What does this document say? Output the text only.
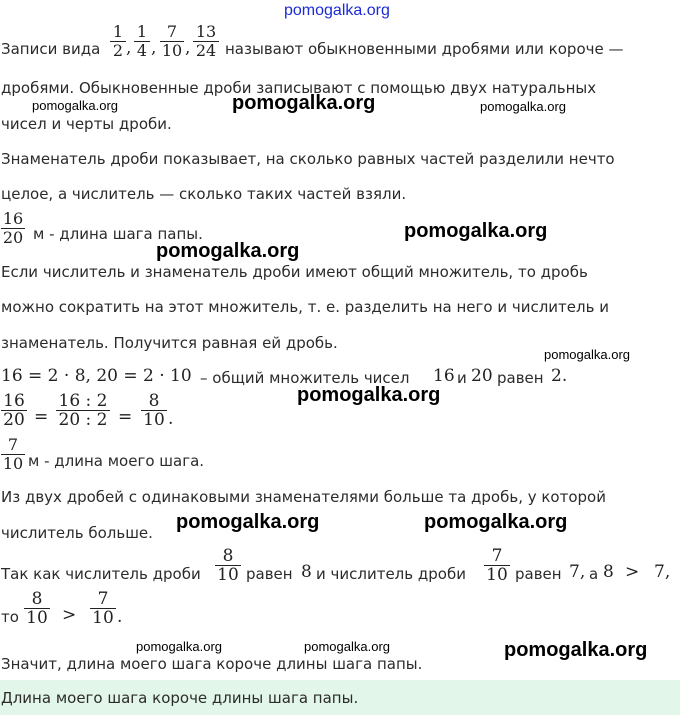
pomogalka.org
Записи вида
1
2 ,
1
4 ,
7
10 ,
13
24 называют обыкновенными дробями или короче —
дробями. Обыкновенные дроби записывают с помощью двух натуральных
чисел и черты дроби.
Знаменатель дроби показывает, на сколько равных частей разделили нечто
целое, а числитель — сколько таких частей взяли.
16
20 м - длина шага папы.
Если числитель и знаменатель дроби имеют общий множитель, то дробь
можно сократить на этот множитель, т. е. разделить на него и числитель и
знаменатель. Получится равная ей дробь.
16 = 2 · 8, 20 = 2 · 10 – общий множитель чисел 16 и 20 равен 2.
16
20 =
16 : 2
20 : 2 =
8
10 .
7
10 м - длина моего шага.
Из двух дробей с одинаковыми знаменателями больше та дробь, у которой
числитель больше.
Так как числитель дроби
8
10 равен 8 и числитель дроби
7
10 равен 7, а 8 > 7,
то
8
10 >
7
10 .
Значит, длина моего шага короче длины шага папы.
Длина моего шага короче длины шага папы.
pomogalka.org	pomogalka.org	pomogalka.org
pomogalka.org
pomogalka.org
pomogalka.org
pomogalka.org
pomogalka.org	pomogalka.org
pomogalka.org	pomogalka.org	pomogalka.org
